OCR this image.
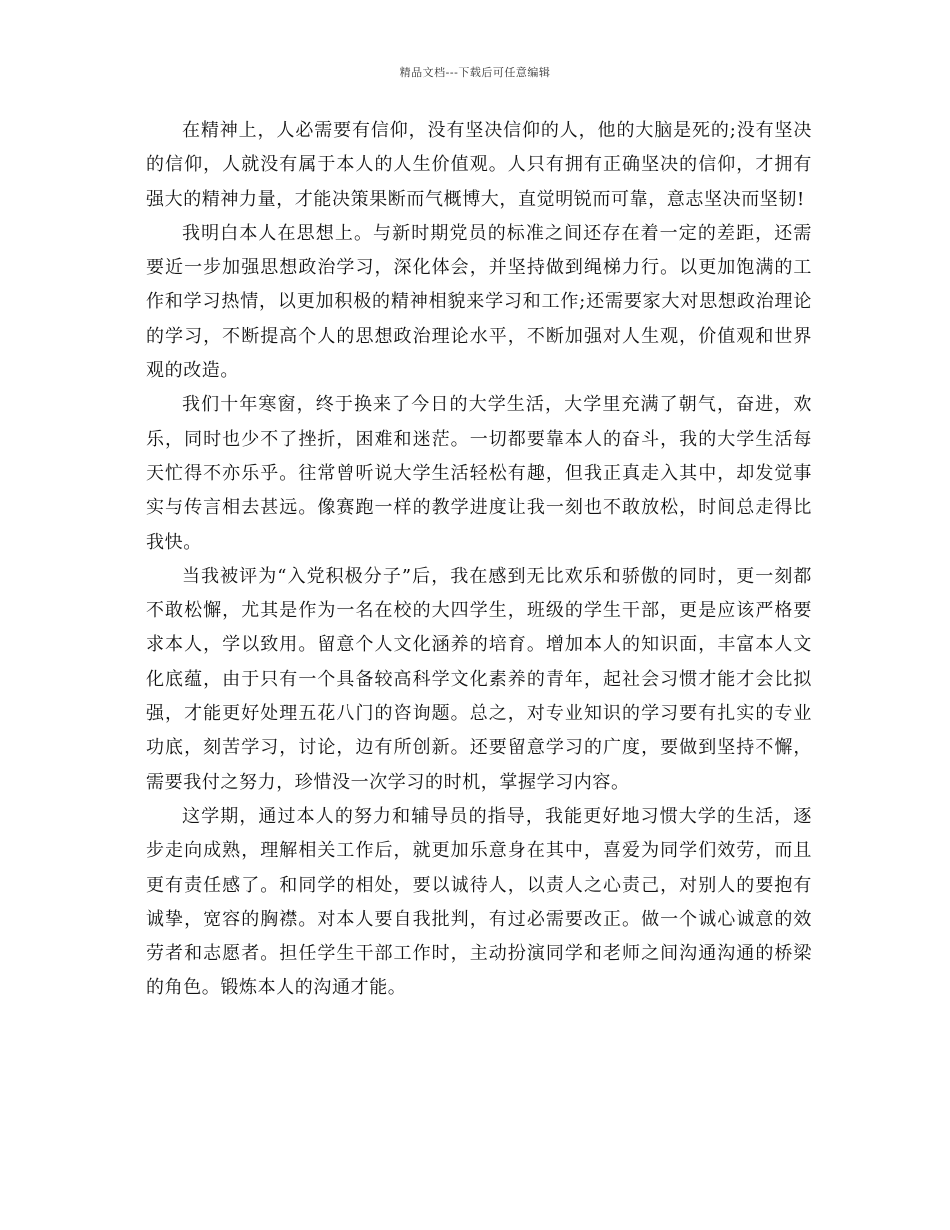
精品文档---下载后可任意编辑

在精神上，人必需要有信仰，没有坚决信仰的人，他的大脑是死的;没有坚决的信仰，人就没有属于本人的人生价值观。人只有拥有正确坚决的信仰，才拥有强大的精神力量，才能决策果断而气概博大，直觉明锐而可靠，意志坚决而坚韧!

我明白本人在思想上。与新时期党员的标准之间还存在着一定的差距，还需要近一步加强思想政治学习，深化体会，并坚持做到绳梯力行。以更加饱满的工作和学习热情，以更加积极的精神相貌来学习和工作;还需要家大对思想政治理论的学习，不断提高个人的思想政治理论水平，不断加强对人生观，价值观和世界观的改造。

我们十年寒窗，终于换来了今日的大学生活，大学里充满了朝气，奋进，欢乐，同时也少不了挫折，困难和迷茫。一切都要靠本人的奋斗，我的大学生活每天忙得不亦乐乎。往常曾听说大学生活轻松有趣，但我正真走入其中，却发觉事实与传言相去甚远。像赛跑一样的教学进度让我一刻也不敢放松，时间总走得比我快。

当我被评为“入党积极分子”后，我在感到无比欢乐和骄傲的同时，更一刻都不敢松懈，尤其是作为一名在校的大四学生，班级的学生干部，更是应该严格要求本人，学以致用。留意个人文化涵养的培育。增加本人的知识面，丰富本人文化底蕴，由于只有一个具备较高科学文化素养的青年，起社会习惯才能才会比拟强，才能更好处理五花八门的咨询题。总之，对专业知识的学习要有扎实的专业功底，刻苦学习，讨论，边有所创新。还要留意学习的广度，要做到坚持不懈，需要我付之努力，珍惜没一次学习的时机，掌握学习内容。

这学期，通过本人的努力和辅导员的指导，我能更好地习惯大学的生活，逐步走向成熟，理解相关工作后，就更加乐意身在其中，喜爱为同学们效劳，而且更有责任感了。和同学的相处，要以诚待人，以责人之心责己，对别人的要抱有诚挚，宽容的胸襟。对本人要自我批判，有过必需要改正。做一个诚心诚意的效劳者和志愿者。担任学生干部工作时，主动扮演同学和老师之间沟通沟通的桥梁的角色。锻炼本人的沟通才能。
